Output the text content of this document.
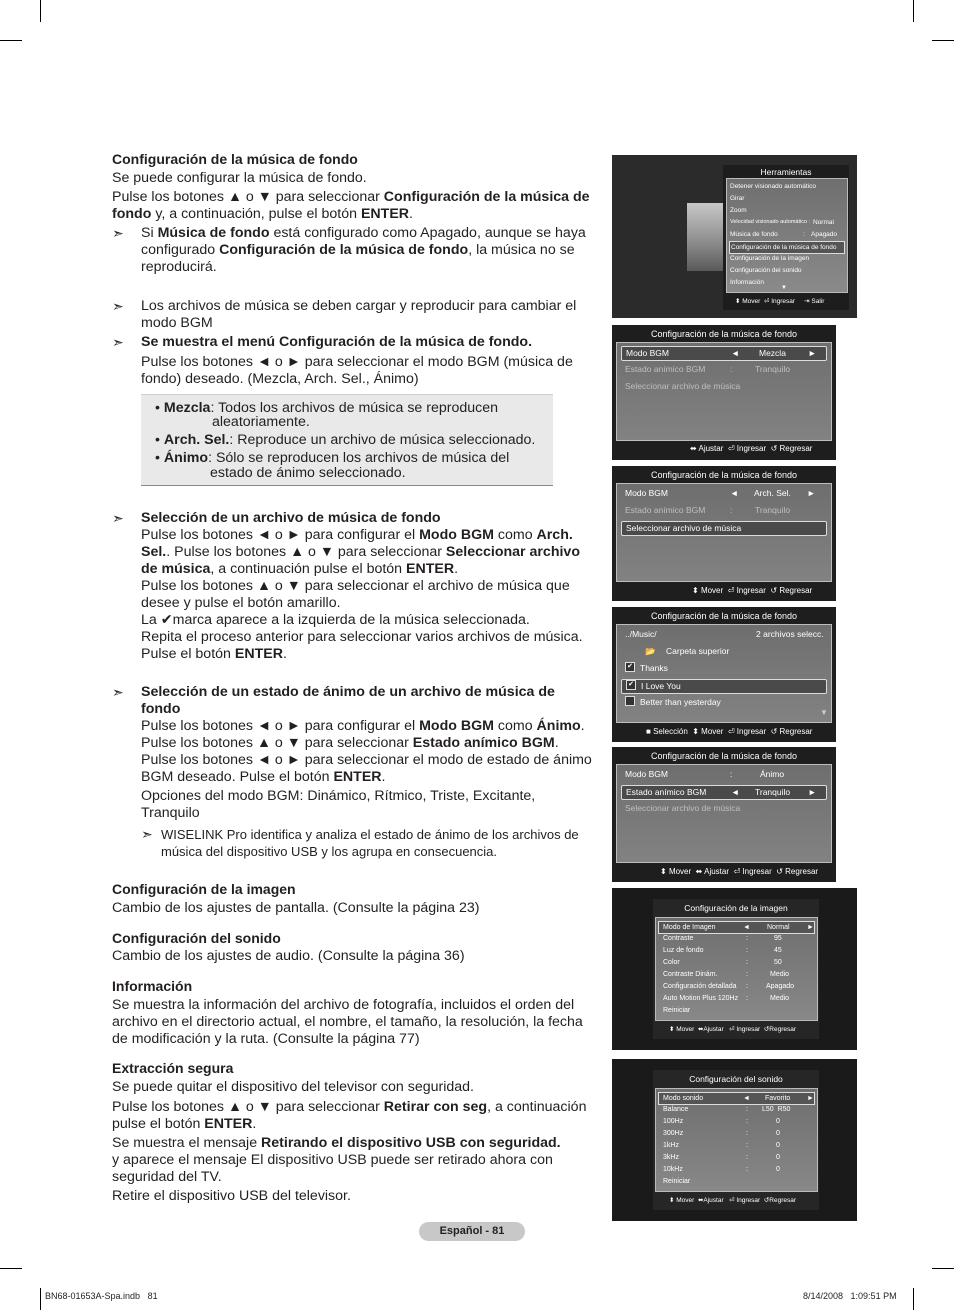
Configuración de la música de fondo
Se puede configurar la música de fondo.
Pulse los botones ▲ o ▼ para seleccionar Configuración de la música de
fondo y, a continuación, pulse el botón ENTER.
➣ Si Música de fondo está configurado como Apagado, aunque se haya
configurado Configuración de la música de fondo, la música no se
reproducirá.
➣ Los archivos de música se deben cargar y reproducir para cambiar el
modo BGM
➣ Se muestra el menú Configuración de la música de fondo.
Pulse los botones ◄ o ► para seleccionar el modo BGM (música de
fondo) deseado. (Mezcla, Arch. Sel., Ánimo)
• Mezcla: Todos los archivos de música se reproducen
aleatoriamente.
• Arch. Sel.: Reproduce un archivo de música seleccionado.
• Ánimo: Sólo se reproducen los archivos de música del
estado de ánimo seleccionado.
➣ Selección de un archivo de música de fondo
Pulse los botones ◄ o ► para configurar el Modo BGM como Arch.
Sel.. Pulse los botones ▲ o ▼ para seleccionar Seleccionar archivo
de música, a continuación pulse el botón ENTER.
Pulse los botones ▲ o ▼ para seleccionar el archivo de música que
desee y pulse el botón amarillo.
La ✔marca aparece a la izquierda de la música seleccionada.
Repita el proceso anterior para seleccionar varios archivos de música.
Pulse el botón ENTER.
➣ Selección de un estado de ánimo de un archivo de música de
fondo
Pulse los botones ◄ o ► para configurar el Modo BGM como Ánimo.
Pulse los botones ▲ o ▼ para seleccionar Estado anímico BGM.
Pulse los botones ◄ o ► para seleccionar el modo de estado de ánimo
BGM deseado. Pulse el botón ENTER.
Opciones del modo BGM: Dinámico, Rítmico, Triste, Excitante,
Tranquilo
➣ WISELINK Pro identifica y analiza el estado de ánimo de los archivos de
música del dispositivo USB y los agrupa en consecuencia.
Configuración de la imagen
Cambio de los ajustes de pantalla. (Consulte la página 23)
Configuración del sonido
Cambio de los ajustes de audio. (Consulte la página 36)
Información
Se muestra la información del archivo de fotografía, incluidos el orden del
archivo en el directorio actual, el nombre, el tamaño, la resolución, la fecha
de modificación y la ruta. (Consulte la página 77)
Extracción segura
Se puede quitar el dispositivo del televisor con seguridad.
Pulse los botones ▲ o ▼ para seleccionar Retirar con seg, a continuación
pulse el botón ENTER.
Se muestra el mensaje Retirando el dispositivo USB con seguridad.
y aparece el mensaje El dispositivo USB puede ser retirado ahora con
seguridad del TV.
Retire el dispositivo USB del televisor.
Herramientas
Detener visionado automático
Girar
Zoom
Velocidad visionado automático : Normal
Música de fondo	: Apagado
Configuración de la música de fondo
Configuración de la imagen
Configuración del sonido
Información
▼
⬍ Mover ⏎ Ingresar ⇥ Salir
Configuración de la música de fondo
Modo BGM	◄ Mezcla	►
Estado anímico BGM	:	Tranquilo
Seleccionar archivo de música
⬌ Ajustar ⏎ Ingresar ↺ Regresar
Configuración de la música de fondo
Modo BGM	◄ Arch. Sel. ►
Estado anímico BGM	:	Tranquilo
Seleccionar archivo de música
⬍ Mover ⏎ Ingresar ↺ Regresar
Configuración de la música de fondo
../Music/	2 archivos selecc.
📂 Carpeta superior
✔ Thanks
✔ I Love You
Better than yesterday
▼
■ Selección ⬍ Mover ⏎ Ingresar ↺ Regresar
Configuración de la música de fondo
Modo BGM	:	Ánimo
Estado anímico BGM	◄ Tranquilo ►
Seleccionar archivo de música
⬍ Mover ⬌ Ajustar ⏎ Ingresar ↺ Regresar
Configuración de la imagen
Modo de Imagen	◄ Normal ►
Contraste	:	95
Luz de fondo	:	45
Color	:	50
Contraste Dinám.	:	Medio
Configuración detallada :	Apagado
Auto Motion Plus 120Hz :	Medio
Reiniciar
⬍ Mover ⬌Ajustar ⏎ Ingresar ↺Regresar
Configuración del sonido
Modo sonido	◄ Favorito ►
Balance	: L50  R50
100Hz	:	0
300Hz	:	0
1kHz	:	0
3kHz	:	0
10kHz	:	0
Reiniciar
⬍ Mover ⬌Ajustar ⏎ Ingresar ↺Regresar
Español - 81
BN68-01653A-Spa.indb   81	8/14/2008   1:09:51 PM
